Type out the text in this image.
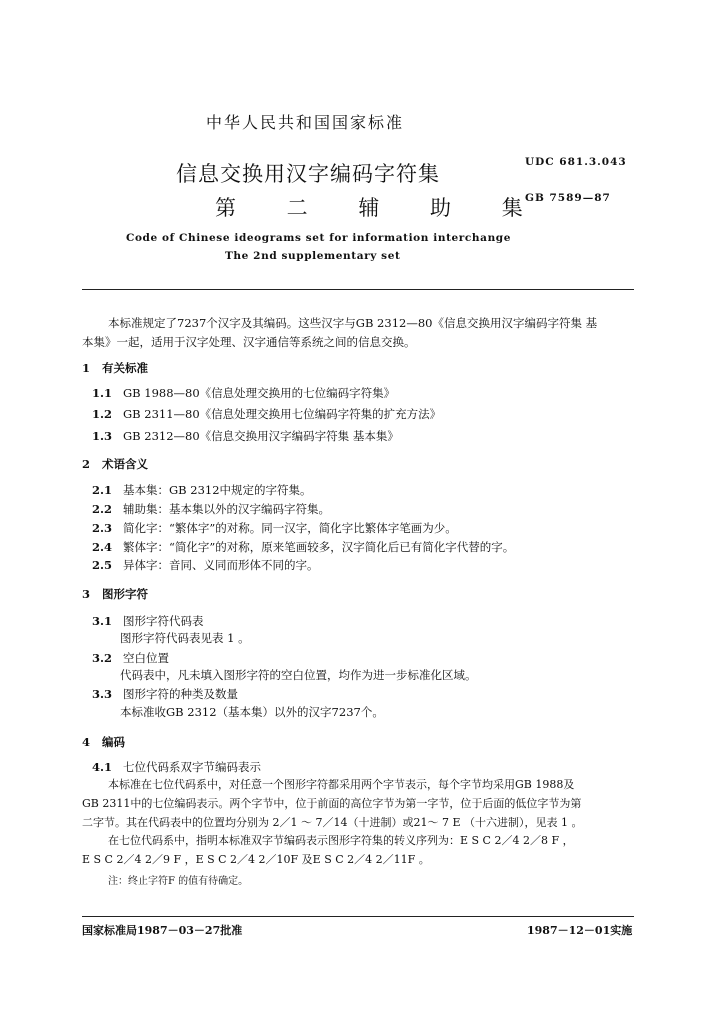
中华人民共和国国家标准
信息交换用汉字编码字符集
第 二 辅 助 集
UDC 681.3.043
GB 7589—87
Code of Chinese ideograms set for information interchange
The 2nd supplementary set
本标准规定了7237个汉字及其编码。这些汉字与GB 2312—80《信息交换用汉字编码字符集 基
本集》一起，适用于汉字处理、汉字通信等系统之间的信息交换。
1 有关标准
1.1 GB 1988—80《信息处理交换用的七位编码字符集》
1.2 GB 2311—80《信息处理交换用七位编码字符集的扩充方法》
1.3 GB 2312—80《信息交换用汉字编码字符集 基本集》
2 术语含义
2.1 基本集：GB 2312中规定的字符集。
2.2 辅助集：基本集以外的汉字编码字符集。
2.3 简化字：“繁体字”的对称。同一汉字，简化字比繁体字笔画为少。
2.4 繁体字：“简化字”的对称，原来笔画较多，汉字简化后已有简化字代替的字。
2.5 异体字：音同、义同而形体不同的字。
3 图形字符
3.1 图形字符代码表
图形字符代码表见表 1 。
3.2 空白位置
代码表中，凡未填入图形字符的空白位置，均作为进一步标准化区域。
3.3 图形字符的种类及数量
本标准收GB 2312（基本集）以外的汉字7237个。
4 编码
4.1 七位代码系双字节编码表示
本标准在七位代码系中，对任意一个图形字符都采用两个字节表示，每个字节均采用GB 1988及
GB 2311中的七位编码表示。两个字节中，位于前面的高位字节为第一字节，位于后面的低位字节为第
二字节。其在代码表中的位置均分别为 2／1 ～ 7／14（十进制）或21～ 7 E （十六进制），见表 1 。
在七位代码系中，指明本标准双字节编码表示图形字符集的转义序列为：E S C 2／4 2／8 F ，
E S C 2／4 2／9 F ，E S C 2／4 2／10F 及E S C 2／4 2／11F 。
注：终止字符F 的值有待确定。
国家标准局1987－03－27批准	1987－12－01实施
